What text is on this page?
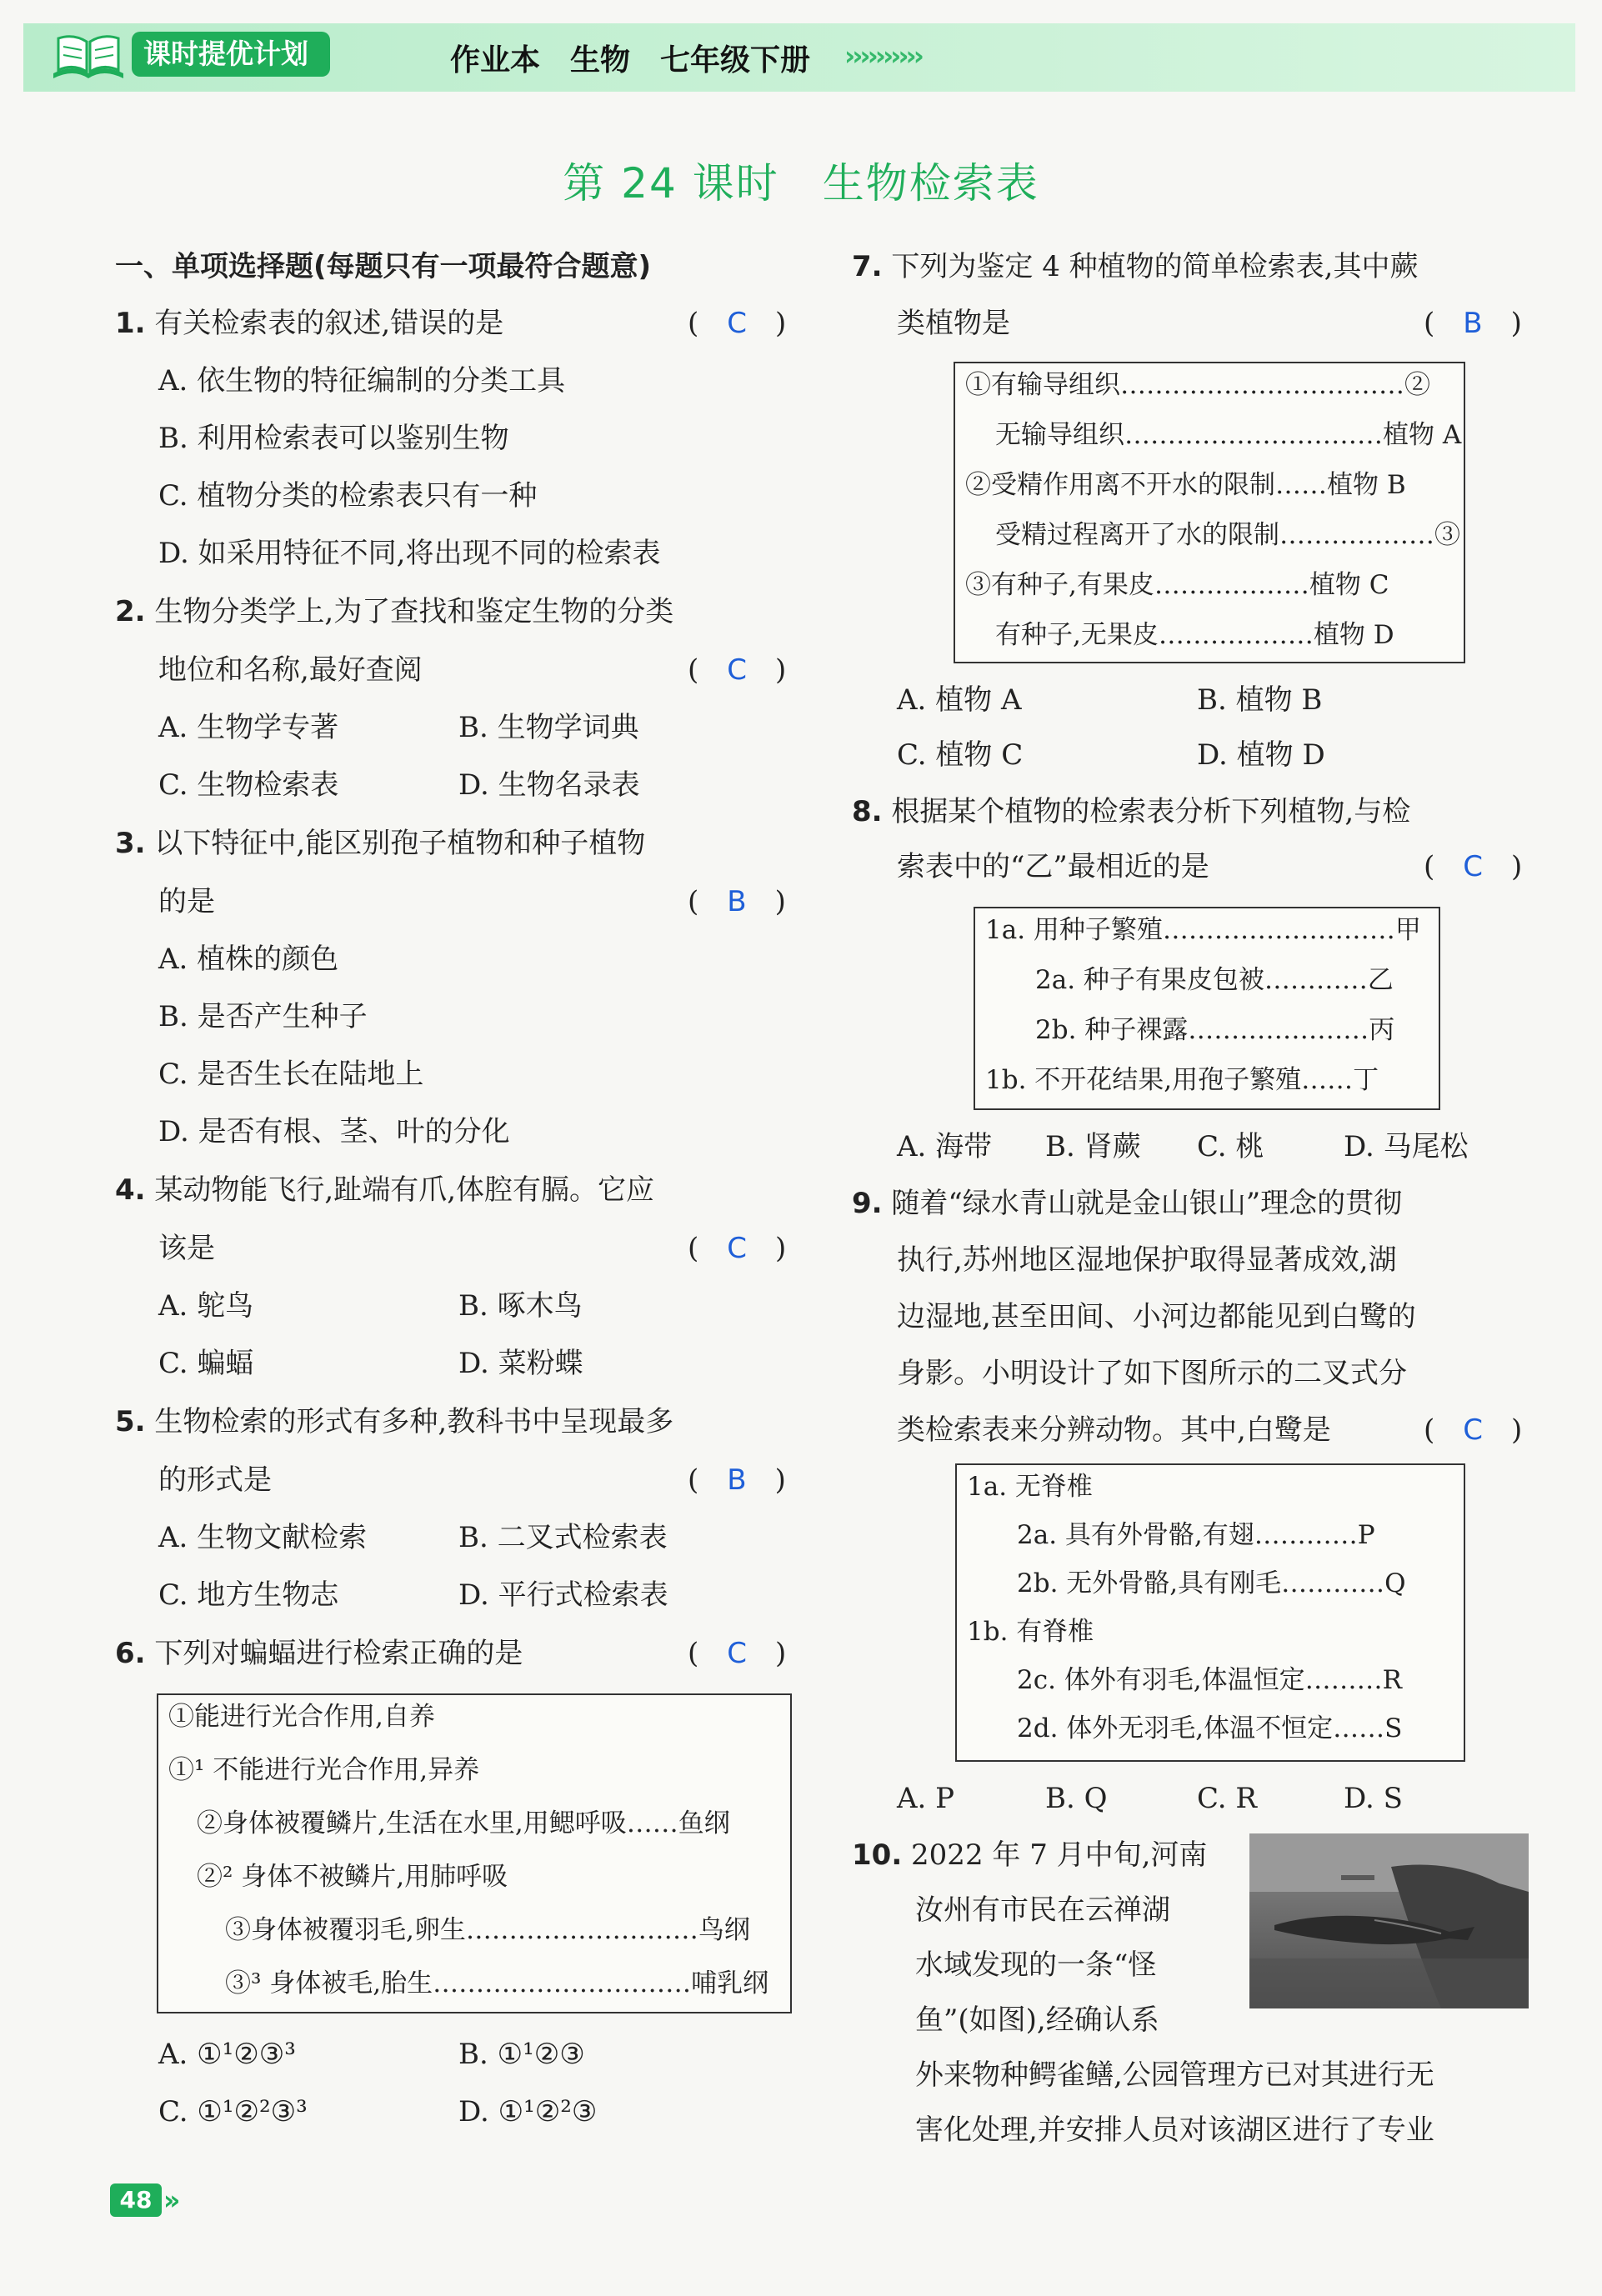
课时提优计划	作业本　生物　七年级下册 ››››››››››
第 24 课时　生物检索表
一、单项选择题(每题只有一项最符合题意)
1. 有关检索表的叙述,错误的是	(　 C　 )
A. 依生物的特征编制的分类工具
B. 利用检索表可以鉴别生物
C. 植物分类的检索表只有一种
D. 如采用特征不同,将出现不同的检索表
2. 生物分类学上,为了查找和鉴定生物的分类
地位和名称,最好查阅	(　 C　 )
A. 生物学专著	B. 生物学词典
C. 生物检索表	D. 生物名录表
3. 以下特征中,能区别孢子植物和种子植物
的是	(　 B　 )
A. 植株的颜色
B. 是否产生种子
C. 是否生长在陆地上
D. 是否有根、茎、叶的分化
4. 某动物能飞行,趾端有爪,体腔有膈。它应
该是	(　 C　 )
A. 鸵鸟	B. 啄木鸟
C. 蝙蝠	D. 菜粉蝶
5. 生物检索的形式有多种,教科书中呈现最多
的形式是	(　 B　 )
A. 生物文献检索	B. 二叉式检索表
C. 地方生物志	D. 平行式检索表
6. 下列对蝙蝠进行检索正确的是	(　 C　 )
①能进行光合作用,自养
①¹ 不能进行光合作用,异养
②身体被覆鳞片,生活在水里,用鳃呼吸……鱼纲
②² 身体不被鳞片,用肺呼吸
③身体被覆羽毛,卵生………………………鸟纲
③³ 身体被毛,胎生…………………………哺乳纲
A. ①¹②③³	B. ①¹②③
C. ①¹②²③³	D. ①¹②²③
7. 下列为鉴定 4 种植物的简单检索表,其中蕨
类植物是	(　 B　 )
①有输导组织……………………………②
无输导组织…………………………植物 A
②受精作用离不开水的限制……植物 B
受精过程离开了水的限制………………③
③有种子,有果皮………………植物 C
有种子,无果皮………………植物 D
A. 植物 A	B. 植物 B
C. 植物 C	D. 植物 D
8. 根据某个植物的检索表分析下列植物,与检
索表中的“乙”最相近的是	(　 C　 )
1a. 用种子繁殖………………………甲
2a. 种子有果皮包被…………乙
2b. 种子裸露…………………丙
1b. 不开花结果,用孢子繁殖……丁
A. 海带 B. 肾蕨 C. 桃	D. 马尾松
9. 随着“绿水青山就是金山银山”理念的贯彻
执行,苏州地区湿地保护取得显著成效,湖
边湿地,甚至田间、小河边都能见到白鹭的
身影。小明设计了如下图所示的二叉式分
类检索表来分辨动物。其中,白鹭是	(　 C　 )
1a. 无脊椎
2a. 具有外骨骼,有翅…………P
2b. 无外骨骼,具有刚毛…………Q
1b. 有脊椎
2c. 体外有羽毛,体温恒定………R
2d. 体外无羽毛,体温不恒定……S
A. P	B. Q	C. R	D. S
10. 2022 年 7 月中旬,河南
汝州有市民在云禅湖
水域发现的一条“怪
鱼”(如图),经确认系
外来物种鳄雀鳝,公园管理方已对其进行无
害化处理,并安排人员对该湖区进行了专业
48 ››
